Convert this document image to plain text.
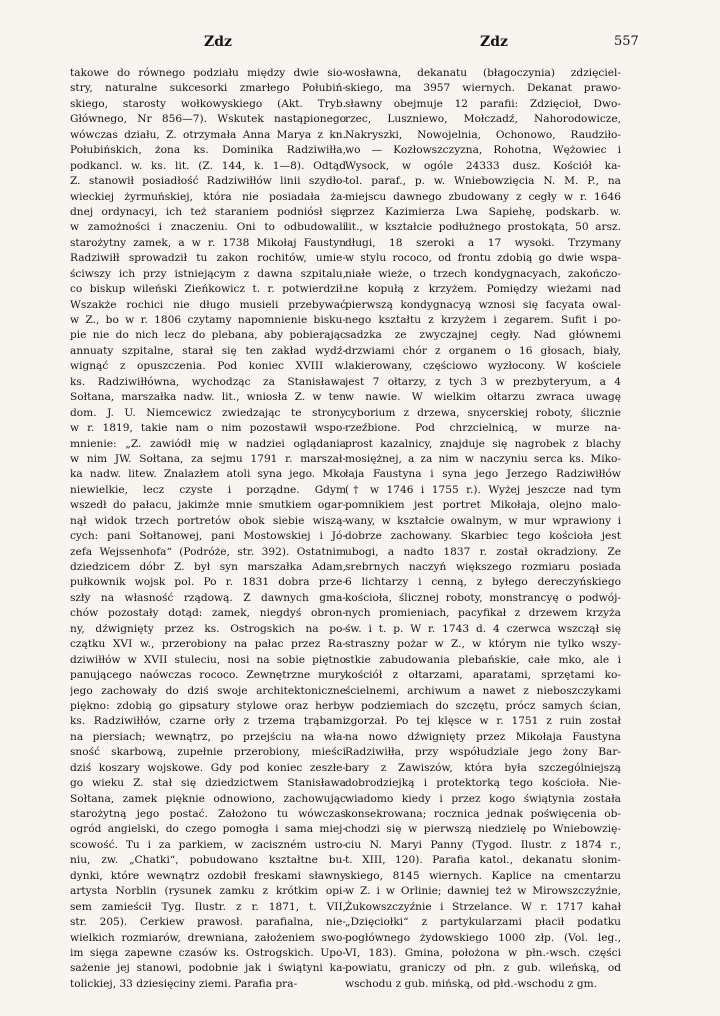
Zdz	Zdz	557
takowe do równego podziału między dwie sio-
stry, naturalne sukcesorki zmarłego Połubiń-
skiego, starosty wołkowyskiego (Akt. Tryb.
Głównego, Nr 856—7). Wskutek nastąpionego
wówczas działu, Z. otrzymała Anna Marya z kn.
Połubińskich, żona ks. Dominika Radziwiłła,
podkancl. w. ks. lit. (Z. 144, k. 1—8). Odtąd
Z. stanowił posiadłość Radziwiłłów linii szydło-
wieckiej żyrmuńskiej, która nie posiadała ża-
dnej ordynacyi, ich też staraniem podniósł się
w zamożności i znaczeniu. Oni to odbudowali
starożytny zamek, a w r. 1738 Mikołaj Faustyn
Radziwiłł sprowadził tu zakon rochitów, umie-
ściwszy ich przy istniejącym z dawna szpitalu,
co biskup wileński Zieńkowicz t. r. potwierdził.
Wszakże rochici nie długo musieli przebywać
w Z., bo w r. 1806 czytamy napomnienie bisku-
pie nie do nich lecz do plebana, aby pobierając
annuaty szpitalne, starał się ten zakład wydź-
wignąć z opuszczenia. Pod koniec XVIII w.
ks. Radziwiłłówna, wychodząc za Stanisława
Sołtana, marszałka nadw. lit., wniosła Z. w ten
dom. J. U. Niemcewicz zwiedzając te strony
w r. 1819, takie nam o nim pozostawił wspo-
mnienie: „Z. zawiódł mię w nadziei oglądania
w nim JW. Sołtana, za sejmu 1791 r. marszał-
ka nadw. litew. Znalazłem atoli syna jego. Mko
niewielkie, lecz czyste i porządne. Gdym
wszedł do pałacu, jakimże mnie smutkiem ogar-
nął widok trzech portretów obok siebie wiszą-
cych: pani Sołtanowej, pani Mostowskiej i Jó-
zefa Wejssenhofa“ (Podróże, str. 392). Ostatnim
dziedzicem dóbr Z. był syn marszałka Adam,
pułkownik wojsk pol. Po r. 1831 dobra prze-
szły na własność rządową. Z dawnych gma-
chów pozostały dotąd: zamek, niegdyś obron-
ny, dźwignięty przez ks. Ostrogskich na po-
czątku XVI w., przerobiony na pałac przez Ra-
dziwiłłów w XVII stuleciu, nosi na sobie piętno
panującego naówczas rococo. Zewnętrzne mury
jego zachowały do dziś swoje architektoniczne
piękno: zdobią go gipsatury stylowe oraz herby
ks. Radziwiłłów, czarne orły z trzema trąbami
na piersiach; wewnątrz, po przejściu na wła-
sność skarbową, zupełnie przerobiony, mieści
dziś koszary wojskowe. Gdy pod koniec zeszłe-
go wieku Z. stał się dziedzictwem Stanisława
Sołtana, zamek pięknie odnowiono, zachowując
starożytną jego postać. Założono tu wówczas
ogród angielski, do czego pomogła i sama miej-
scowość. Tu i za parkiem, w zaciszném ustro-
niu, zw. „Chatki“, pobudowano kształtne bu-
dynki, które wewnątrz ozdobił freskami sławny
artysta Norblin (rysunek zamku z krótkim opi-
sem zamieścił Tyg. Ilustr. z r. 1871, t. VII,
str. 205). Cerkiew prawosł. parafialna, nie-
wielkich rozmiarów, drewniana, założeniem swo-
im sięga zapewne czasów ks. Ostrogskich. Upo-
sażenie jej stanowi, podobnie jak i świątyni ka-
tolickiej, 33 dziesięciny ziemi. Parafia pra-
wosławna, dekanatu (błagoczynia) zdzięciel-
skiego, ma 3957 wiernych. Dekanat prawo-
sławny obejmuje 12 parafii: Zdzięcioł, Dwo-
rzec, Luszniewo, Mołczadź, Nahorodowicze,
Nakryszki, Nowojelnia, Ochonowo, Raudziło-
wo — Kozłowszczyzna, Rohotna, Wężowiec i
Wysock, w ogóle 24333 dusz. Kościół ka-
tol. paraf., p. w. Wniebowzięcia N. M. P., na
miejscu dawnego zbudowany z cegły w r. 1646
przez Kazimierza Lwa Sapiehę, podskarb. w.
lit., w kształcie podłużnego prostokąta, 50 arsz.
długi, 18 szeroki a 17 wysoki. Trzymany
w stylu rococo, od frontu zdobią go dwie wspa-
niałe wieże, o trzech kondygnacyach, zakończo-
ne kopułą z krzyżem. Pomiędzy wieżami nad
pierwszą kondygnacyą wznosi się facyata owal-
nego kształtu z krzyżem i zegarem. Sufit i po-
sadzka ze zwyczajnej cegły. Nad głównemi
drzwiami chór z organem o 16 głosach, biały,
lakierowany, częściowo wyzłocony. W kościele
jest 7 ołtarzy, z tych 3 w prezbyteryum, a 4
w nawie. W wielkim ołtarzu zwraca uwagę
cyborium z drzewa, snycerskiej roboty, ślicznie
rzeźbione. Pod chrzcielnicą, w murze na-
prost kazalnicy, znajduje się nagrobek z blachy
mosiężnej, a za nim w naczyniu serca ks. Miko-
łaja Faustyna i syna jego Jerzego Radziwiłłów
(† w 1746 i 1755 r.). Wyżej jeszcze nad tym
pomnikiem jest portret Mikołaja, olejno malo-
wany, w kształcie owalnym, w mur wprawiony i
dobrze zachowany. Skarbiec tego kościoła jest
ubogi, a nadto 1837 r. został okradziony. Ze
srebrnych naczyń większego rozmiaru posiada
6 lichtarzy i cenną, z byłego dereczyńskiego
kościoła, ślicznej roboty, monstrancyę o podwój-
nych promieniach, pacyfikał z drzewem krzyża
św. i t. p. W r. 1743 d. 4 czerwca wszczął się
straszny pożar w Z., w którym nie tylko wszy-
stkie zabudowania plebańskie, całe mko, ale i
kościół z ołtarzami, aparatami, sprzętami ko-
ścielnemi, archiwum a nawet z nieboszczykami
w podziemiach do szczętu, prócz samych ścian,
zgorzał. Po tej klęsce w r. 1751 z ruin został
na nowo dźwignięty przez Mikołaja Faustyna
Radziwiłła, przy współudziale jego żony Bar-
bary z Zawiszów, która była szczególniejszą
dobrodziejką i protektorką tego kościoła. Nie-
wiadomo kiedy i przez kogo świątynia została
konsekrowana; rocznica jednak poświęcenia ob-
chodzi się w pierwszą niedzielę po Wniebowzię-
ciu N. Maryi Panny (Tygod. Ilustr. z 1874 r.,
t. XIII, 120). Parafia katol., dekanatu słonim-
skiego, 8145 wiernych. Kaplice na cmentarzu
w Z. i w Orlinie; dawniej też w Mirowszczyźnie,
Żukowszczyźnie i Strzelance. W r. 1717 kahał
„Dzięciołki“ z partykularzami płacił podatku
pogłównego żydowskiego 1000 złp. (Vol. leg.,
VI, 183). Gmina, położona w płn.-wsch. części
powiatu, graniczy od płn. z gub. wileńską, od
wschodu z gub. mińską, od płd.-wschodu z gm.
